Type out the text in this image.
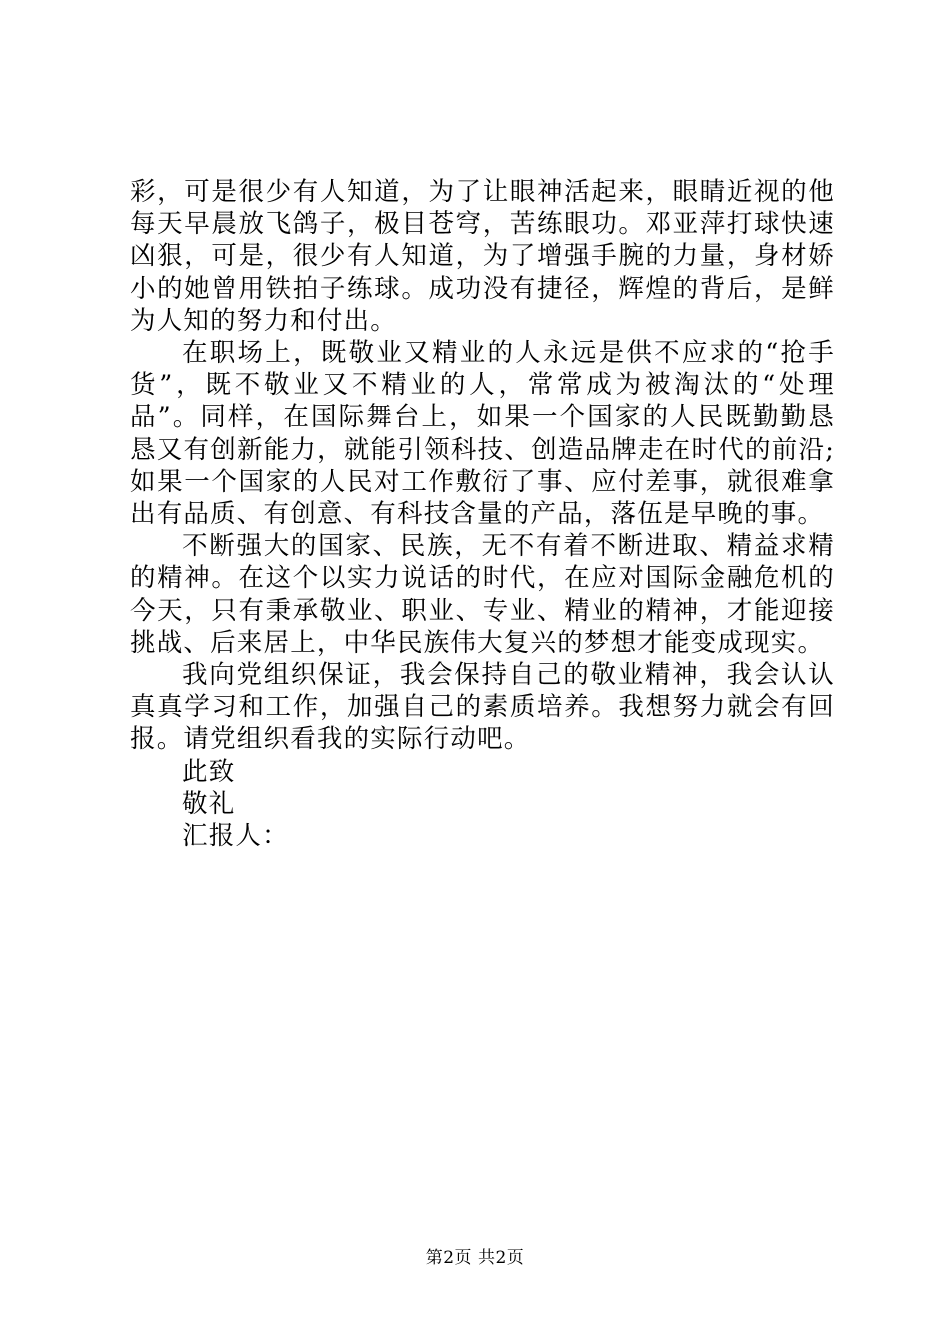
彩，可是很少有人知道，为了让眼神活起来，眼睛近视的他每天早晨放飞鸽子，极目苍穹，苦练眼功。邓亚萍打球快速凶狠，可是，很少有人知道，为了增强手腕的力量，身材娇小的她曾用铁拍子练球。成功没有捷径，辉煌的背后，是鲜为人知的努力和付出。

在职场上，既敬业又精业的人永远是供不应求的“抢手货”，既不敬业又不精业的人，常常成为被淘汰的“处理品”。同样，在国际舞台上，如果一个国家的人民既勤勤恳恳又有创新能力，就能引领科技、创造品牌走在时代的前沿;如果一个国家的人民对工作敷衍了事、应付差事，就很难拿出有品质、有创意、有科技含量的产品，落伍是早晚的事。

不断强大的国家、民族，无不有着不断进取、精益求精的精神。在这个以实力说话的时代，在应对国际金融危机的今天，只有秉承敬业、职业、专业、精业的精神，才能迎接挑战、后来居上，中华民族伟大复兴的梦想才能变成现实。

我向党组织保证，我会保持自己的敬业精神，我会认认真真学习和工作，加强自己的素质培养。我想努力就会有回报。请党组织看我的实际行动吧。

此致

敬礼

汇报人：

第2页 共2页
